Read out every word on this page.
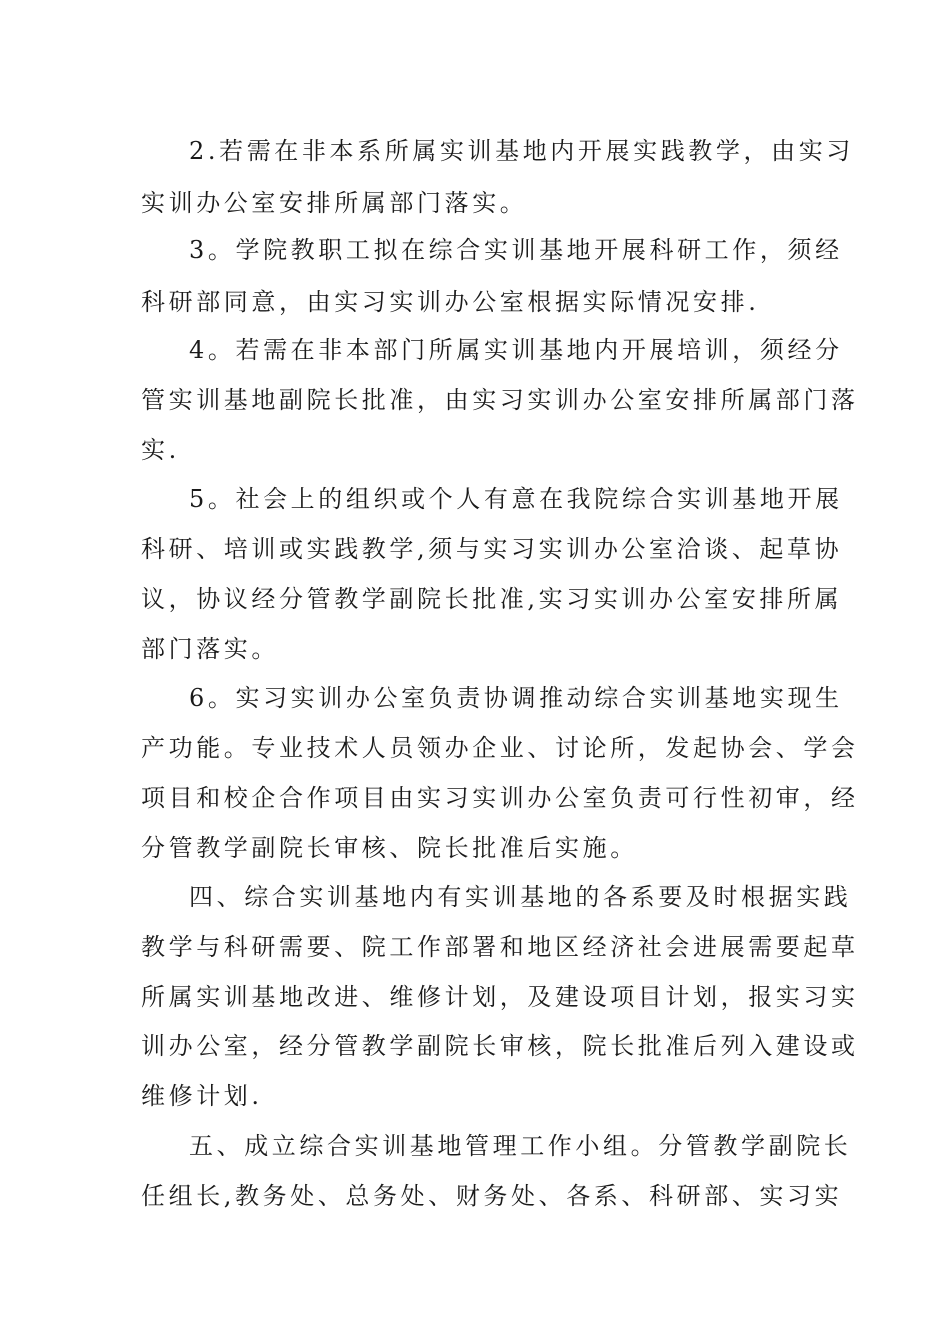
2.若需在非本系所属实训基地内开展实践教学，由实习
实训办公室安排所属部门落实。
3。学院教职工拟在综合实训基地开展科研工作，须经
科研部同意，由实习实训办公室根据实际情况安排.
4。若需在非本部门所属实训基地内开展培训，须经分
管实训基地副院长批准，由实习实训办公室安排所属部门落
实.
5。社会上的组织或个人有意在我院综合实训基地开展
科研、培训或实践教学,须与实习实训办公室洽谈、起草协
议，协议经分管教学副院长批准,实习实训办公室安排所属
部门落实。
6。实习实训办公室负责协调推动综合实训基地实现生
产功能。专业技术人员领办企业、讨论所，发起协会、学会
项目和校企合作项目由实习实训办公室负责可行性初审，经
分管教学副院长审核、院长批准后实施。
四、综合实训基地内有实训基地的各系要及时根据实践
教学与科研需要、院工作部署和地区经济社会进展需要起草
所属实训基地改进、维修计划，及建设项目计划，报实习实
训办公室，经分管教学副院长审核，院长批准后列入建设或
维修计划.
五、成立综合实训基地管理工作小组。分管教学副院长
任组长,教务处、总务处、财务处、各系、科研部、实习实
